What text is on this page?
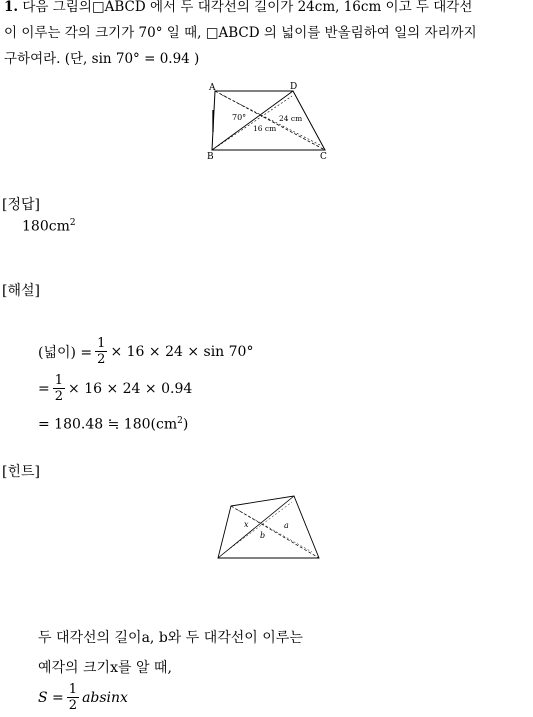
1. 다음 그림의□ABCD 에서 두 대각선의 길이가 24cm, 16cm 이고 두 대각선
이 이루는 각의 크기가 70° 일 때, □ABCD 의 넓이를 반올림하여 일의 자리까지
구하여라. (단, sin 70° = 0.94 )
A	D
B	C
70°	24 cm
16 cm
[정답]
$180cm^2$
[해설]
(넓이) = $\frac{1}{2} \times 16 \times 24 \times \sin 70^\circ$
= $\frac{1}{2} \times 16 \times 24 \times 0.94$
= 180.48 ≒ $180(cm^2)$
[힌트]
x	a
b
두 대각선의 길이a, b와 두 대각선이 이루는
예각의 크기x를 알 때,
$S = \frac{1}{2}$ absinx
